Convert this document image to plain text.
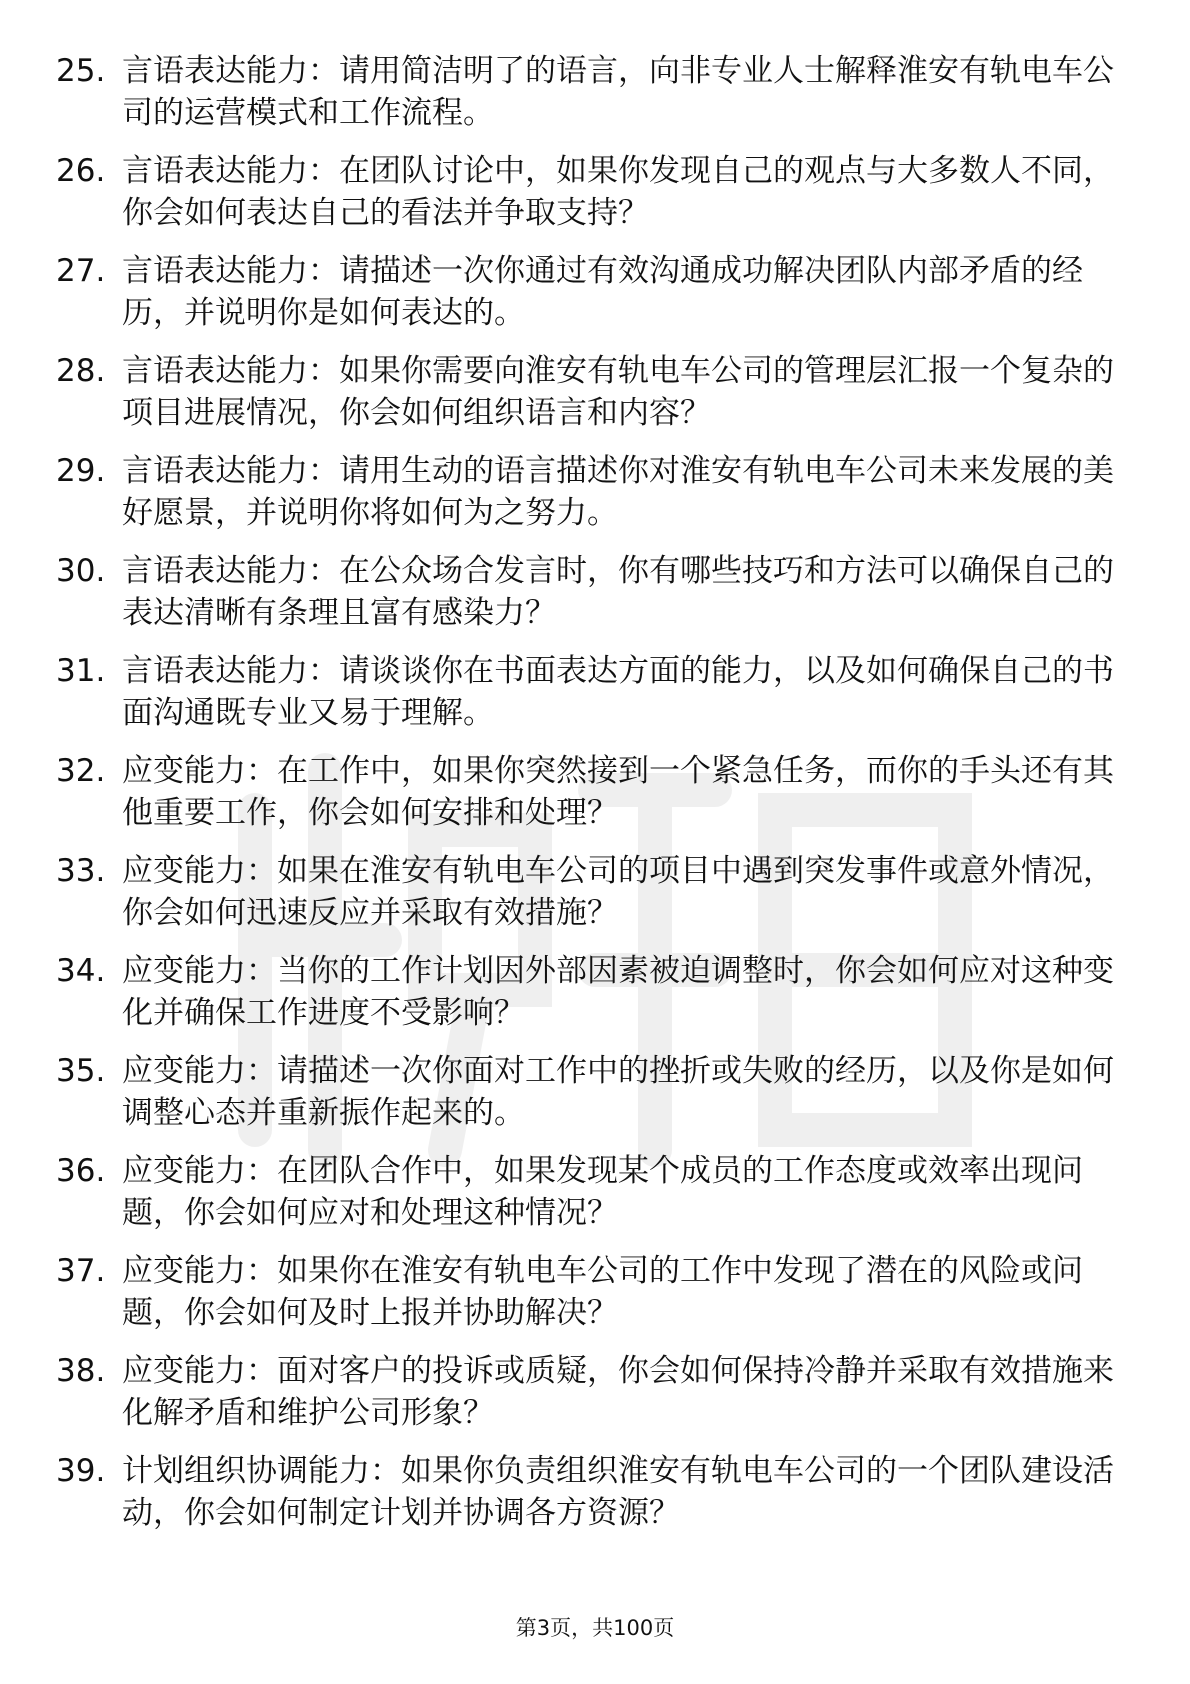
25. 言语表达能力：请用简洁明了的语言，向非专业人士解释淮安有轨电车公司的运营模式和工作流程。
26. 言语表达能力：在团队讨论中，如果你发现自己的观点与大多数人不同，你会如何表达自己的看法并争取支持？
27. 言语表达能力：请描述一次你通过有效沟通成功解决团队内部矛盾的经历，并说明你是如何表达的。
28. 言语表达能力：如果你需要向淮安有轨电车公司的管理层汇报一个复杂的项目进展情况，你会如何组织语言和内容？
29. 言语表达能力：请用生动的语言描述你对淮安有轨电车公司未来发展的美好愿景，并说明你将如何为之努力。
30. 言语表达能力：在公众场合发言时，你有哪些技巧和方法可以确保自己的表达清晰有条理且富有感染力？
31. 言语表达能力：请谈谈你在书面表达方面的能力，以及如何确保自己的书面沟通既专业又易于理解。
32. 应变能力：在工作中，如果你突然接到一个紧急任务，而你的手头还有其他重要工作，你会如何安排和处理？
33. 应变能力：如果在淮安有轨电车公司的项目中遇到突发事件或意外情况，你会如何迅速反应并采取有效措施？
34. 应变能力：当你的工作计划因外部因素被迫调整时，你会如何应对这种变化并确保工作进度不受影响？
35. 应变能力：请描述一次你面对工作中的挫折或失败的经历，以及你是如何调整心态并重新振作起来的。
36. 应变能力：在团队合作中，如果发现某个成员的工作态度或效率出现问题，你会如何应对和处理这种情况？
37. 应变能力：如果你在淮安有轨电车公司的工作中发现了潜在的风险或问题，你会如何及时上报并协助解决？
38. 应变能力：面对客户的投诉或质疑，你会如何保持冷静并采取有效措施来化解矛盾和维护公司形象？
39. 计划组织协调能力：如果你负责组织淮安有轨电车公司的一个团队建设活动，你会如何制定计划并协调各方资源？
第3页，共100页
